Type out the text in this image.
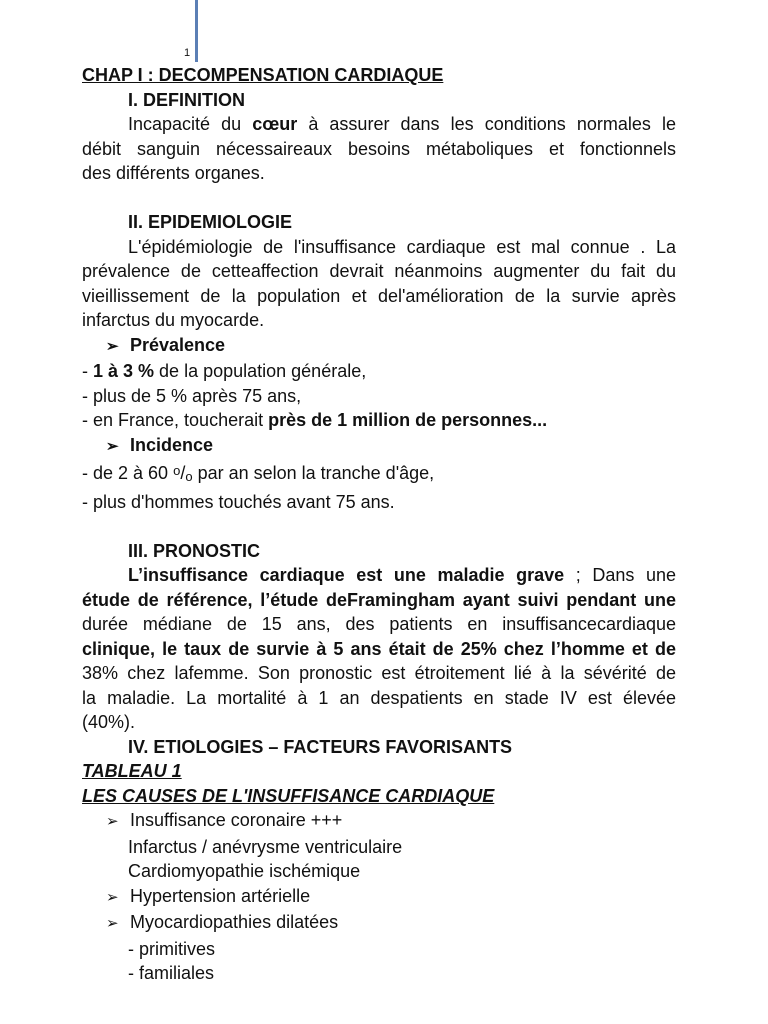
1
CHAP I : DECOMPENSATION CARDIAQUE
I. DEFINITION
Incapacité du cœur à assurer dans les conditions normales le
débit sanguin nécessaireaux besoins métaboliques et fonctionnels
des différents organes.
II. EPIDEMIOLOGIE
L'épidémiologie de l'insuffisance cardiaque est mal connue . La
prévalence de cetteaffection devrait néanmoins augmenter du fait du
vieillissement de la population et del'amélioration de la survie après
infarctus du myocarde.
➢ Prévalence
- 1 à 3 % de la population générale,
- plus de 5 % après 75 ans,
- en France, toucherait près de 1 million de personnes...
➢ Incidence
- de 2 à 60 $^o$/o par an selon la tranche d'âge,
- plus d'hommes touchés avant 75 ans.
III. PRONOSTIC
L’insuffisance cardiaque est une maladie grave ; Dans une
étude de référence, l’étude deFramingham ayant suivi pendant une
durée médiane de 15 ans, des patients en insuffisancecardiaque
clinique, le taux de survie à 5 ans était de 25% chez l’homme et de
38% chez lafemme. Son pronostic est étroitement lié à la sévérité de
la maladie. La mortalité à 1 an despatients en stade IV est élevée
(40%).
IV. ETIOLOGIES – FACTEURS FAVORISANTS
TABLEAU 1
LES CAUSES DE L'INSUFFISANCE CARDIAQUE
➢ Insuffisance coronaire +++
Infarctus / anévrysme ventriculaire
Cardiomyopathie ischémique
➢ Hypertension artérielle
➢ Myocardiopathies dilatées
- primitives
- familiales
